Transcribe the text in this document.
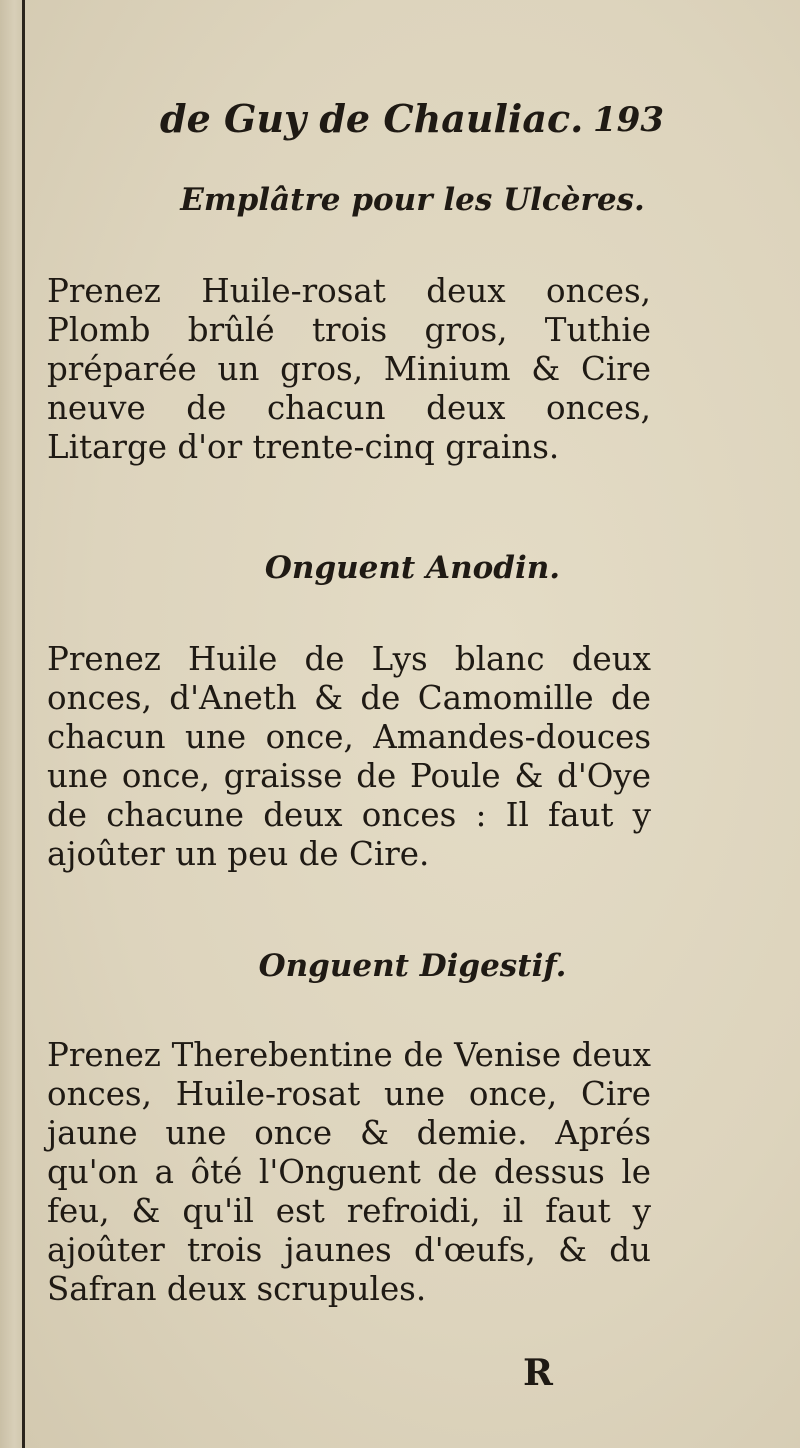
de Guy de Chauliac. 193
Emplâtre pour les Ulcères.
Prenez Huile-rosat deux onces, Plomb brûlé trois gros, Tuthie préparée un gros, Minium & Cire neuve de chacun deux onces, Litarge d'or trente-cinq grains.
Onguent Anodin.
Prenez Huile de Lys blanc deux onces, d'Aneth & de Camomille de chacun une once, Amandes-douces une once, graisse de Poule & d'Oye de chacune deux onces : Il faut y ajoûter un peu de Cire.
Onguent Digestif.
Prenez Therebentine de Venise deux onces, Huile-rosat une once, Cire jaune une once & demie. Aprés qu'on a ôté l'Onguent de dessus le feu, & qu'il est refroidi, il faut y ajoûter trois jaunes d'œufs, & du Safran deux scrupules.
R
